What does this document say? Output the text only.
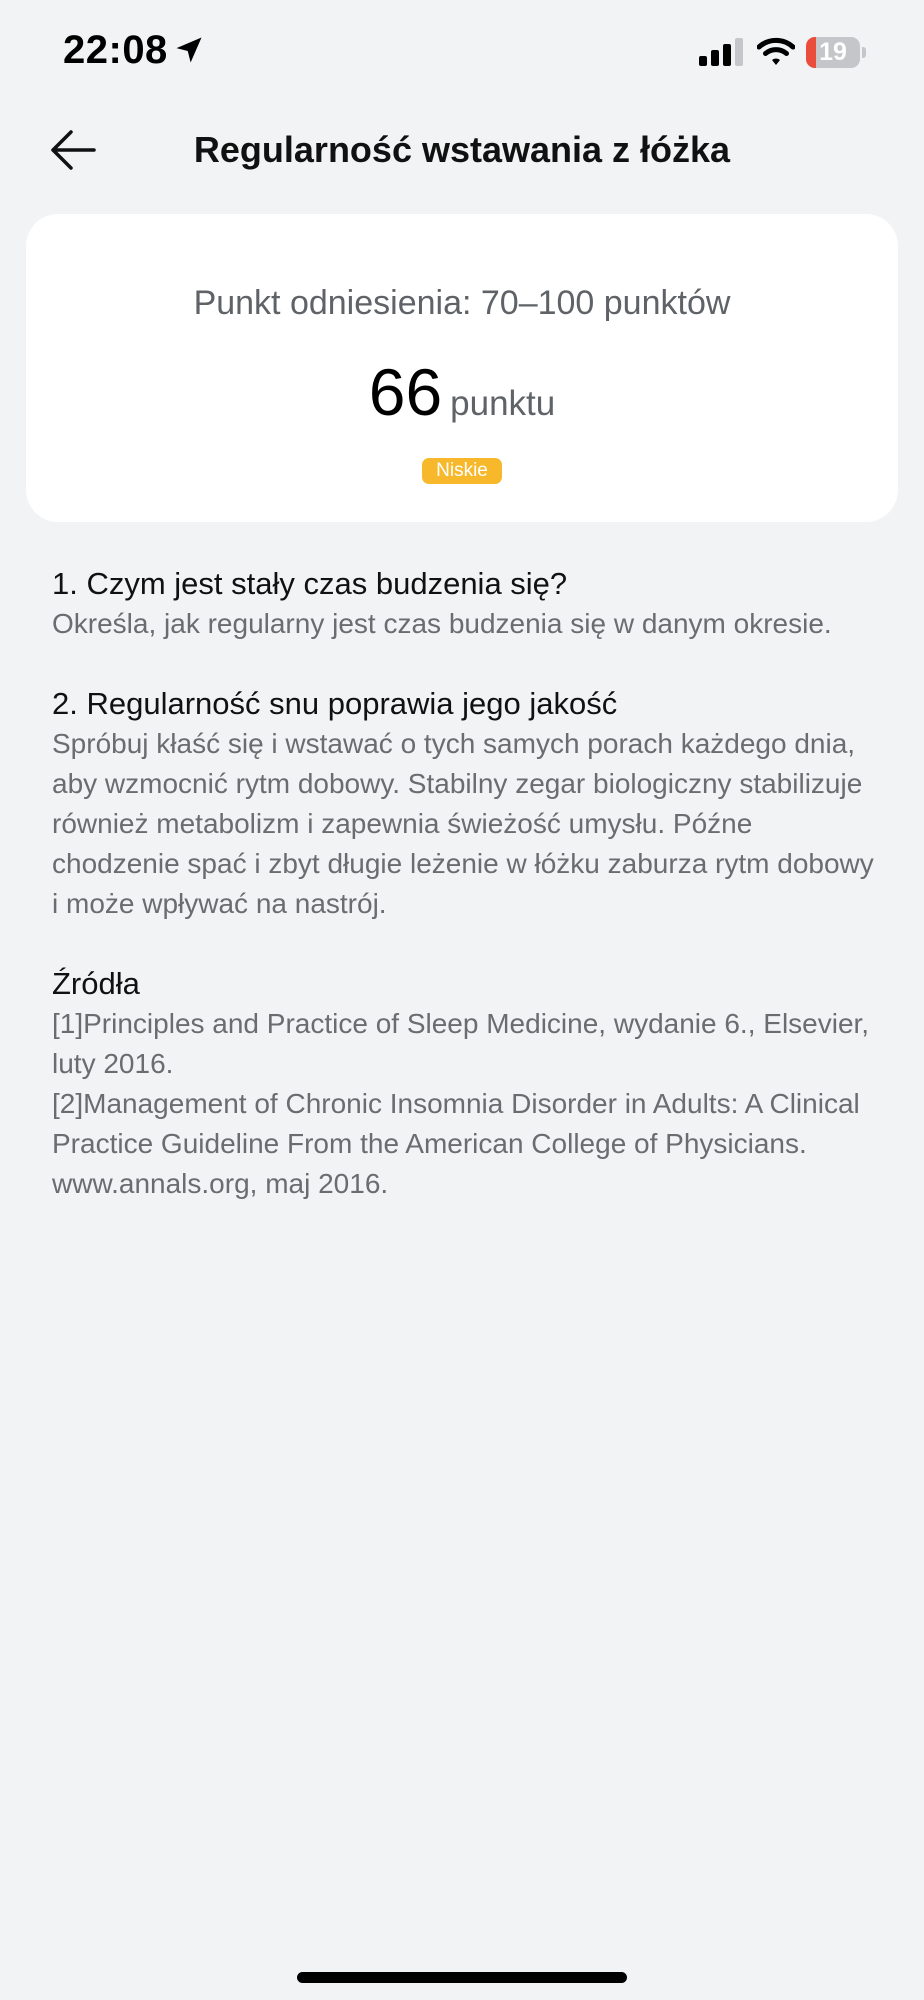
22:08	19
Regularność wstawania z łóżka
Punkt odniesienia: 70–100 punktów
66 punktu
Niskie
1. Czym jest stały czas budzenia się?

Określa, jak regularny jest czas budzenia się w danym okresie.

2. Regularność snu poprawia jego jakość

Spróbuj kłaść się i wstawać o tych samych porach każdego dnia, aby wzmocnić rytm dobowy. Stabilny zegar biologiczny stabilizuje również metabolizm i zapewnia świeżość umysłu. Późne chodzenie spać i zbyt długie leżenie w łóżku zaburza rytm dobowy i może wpływać na nastrój.

Źródła

[1]Principles and Practice of Sleep Medicine, wydanie 6., Elsevier, luty 2016.

[2]Management of Chronic Insomnia Disorder in Adults: A Clinical Practice Guideline From the American College of Physicians. www.annals.org, maj 2016.
